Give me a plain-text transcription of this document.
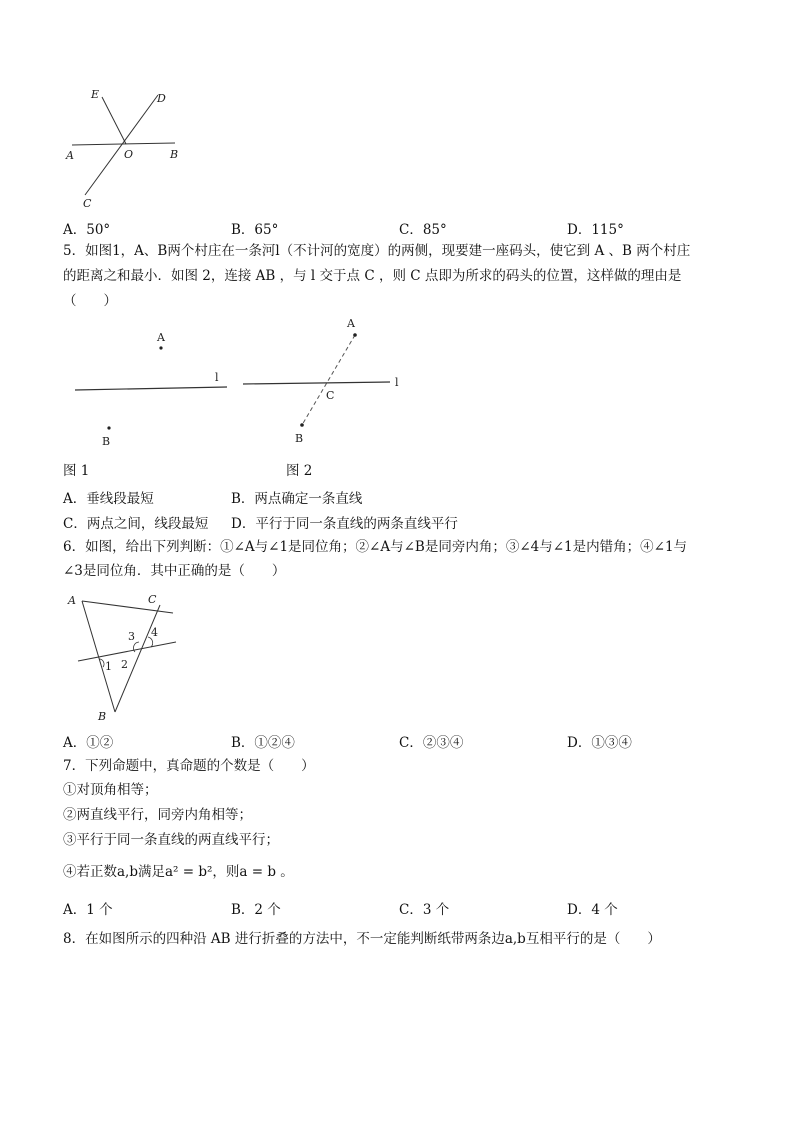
E	D
A	O	B
C
A．50°	B．65°	C．85°	D．115°
5．如图1，A、B两个村庄在一条河l（不计河的宽度）的两侧，现要建一座码头，使它到 A 、B 两个村庄
的距离之和最小．如图 2，连接 AB ，与 l 交于点 C ，则 C 点即为所求的码头的位置，这样做的理由是
（　　）
A
B
l
A
B
C
l
图 1	图 2
A．垂线段最短	B．两点确定一条直线
C．两点之间，线段最短 D．平行于同一条直线的两条直线平行
6．如图，给出下列判断：①∠A与∠1是同位角；②∠A与∠B是同旁内角；③∠4与∠1是内错角；④∠1与
∠3是同位角．其中正确的是（　　）
A	C
B
1 2
3 4
A．①②	B．①②④	C．②③④	D．①③④
7．下列命题中，真命题的个数是（　　）
①对顶角相等；
②两直线平行，同旁内角相等；
③平行于同一条直线的两直线平行；
④若正数a,b满足a² = b²，则a = b 。
A．1 个	B．2 个	C．3 个	D．4 个
8．在如图所示的四种沿 AB 进行折叠的方法中，不一定能判断纸带两条边a,b互相平行的是（　　）
